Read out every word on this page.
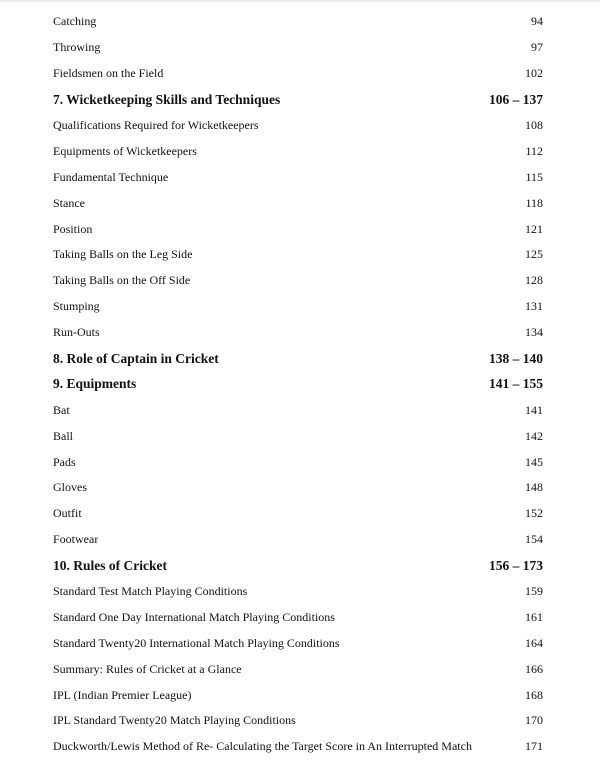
Catching	94
Throwing	97
Fieldsmen on the Field	102
7. Wicketkeeping Skills and Techniques	106 – 137
Qualifications Required for Wicketkeepers	108
Equipments of Wicketkeepers	112
Fundamental Technique	115
Stance	118
Position	121
Taking Balls on the Leg Side	125
Taking Balls on the Off Side	128
Stumping	131
Run-Outs	134
8. Role of Captain in Cricket	138 – 140
9. Equipments	141 – 155
Bat	141
Ball	142
Pads	145
Gloves	148
Outfit	152
Footwear	154
10. Rules of Cricket	156 – 173
Standard Test Match Playing Conditions	159
Standard One Day International Match Playing Conditions	161
Standard Twenty20 International Match Playing Conditions	164
Summary: Rules of Cricket at a Glance	166
IPL (Indian Premier League)	168
IPL Standard Twenty20 Match Playing Conditions	170
Duckworth/Lewis Method of Re- Calculating the Target Score in An Interrupted Match	171
